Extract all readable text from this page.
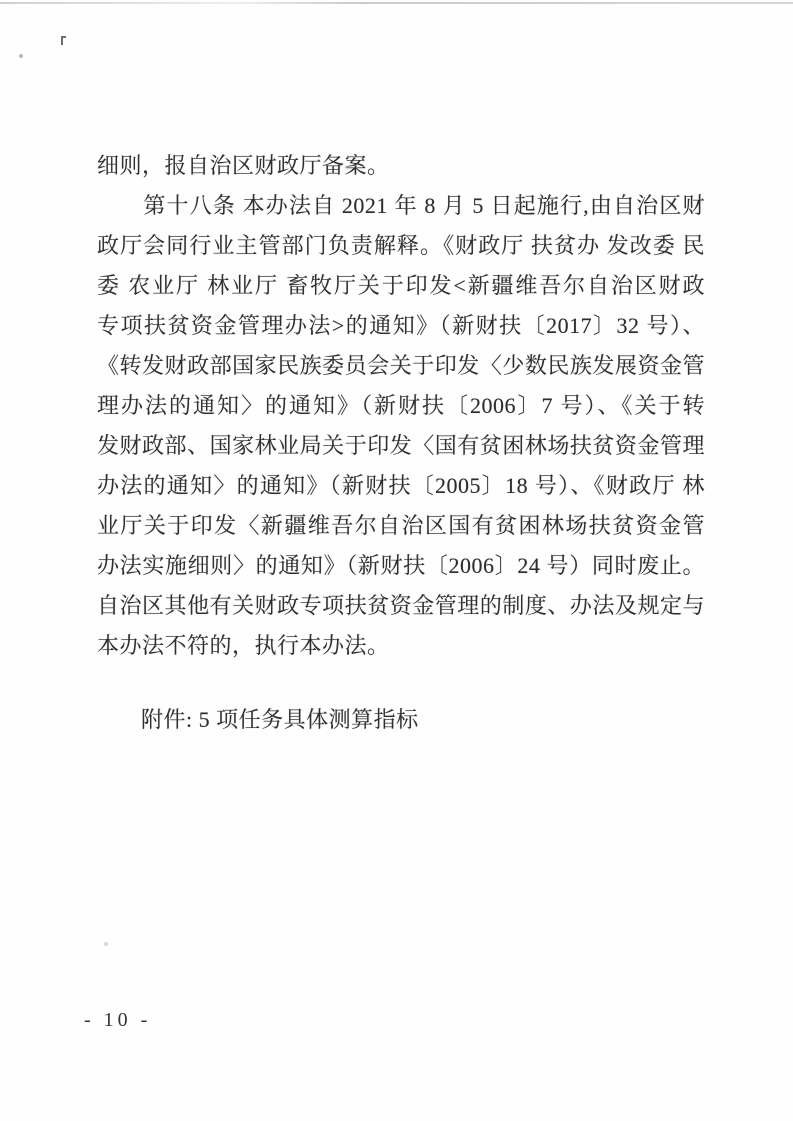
细则，报自治区财政厅备案。
　　第十八条 本办法自 2021 年 8 月 5 日起施行,由自治区财
政厅会同行业主管部门负责解释。《财政厅 扶贫办 发改委 民
委 农业厅 林业厅 畜牧厅关于印发<新疆维吾尔自治区财政
专项扶贫资金管理办法>的通知》（新财扶〔2017〕32 号）、
《转发财政部国家民族委员会关于印发〈少数民族发展资金管
理办法的通知〉的通知》（新财扶〔2006〕7 号）、《关于转
发财政部、国家林业局关于印发〈国有贫困林场扶贫资金管理
办法的通知〉的通知》（新财扶〔2005〕18 号）、《财政厅 林
业厅关于印发〈新疆维吾尔自治区国有贫困林场扶贫资金管
办法实施细则〉的通知》（新财扶〔2006〕24 号）同时废止。
自治区其他有关财政专项扶贫资金管理的制度、办法及规定与
本办法不符的，执行本办法。
附件: 5 项任务具体测算指标
- 10 -
